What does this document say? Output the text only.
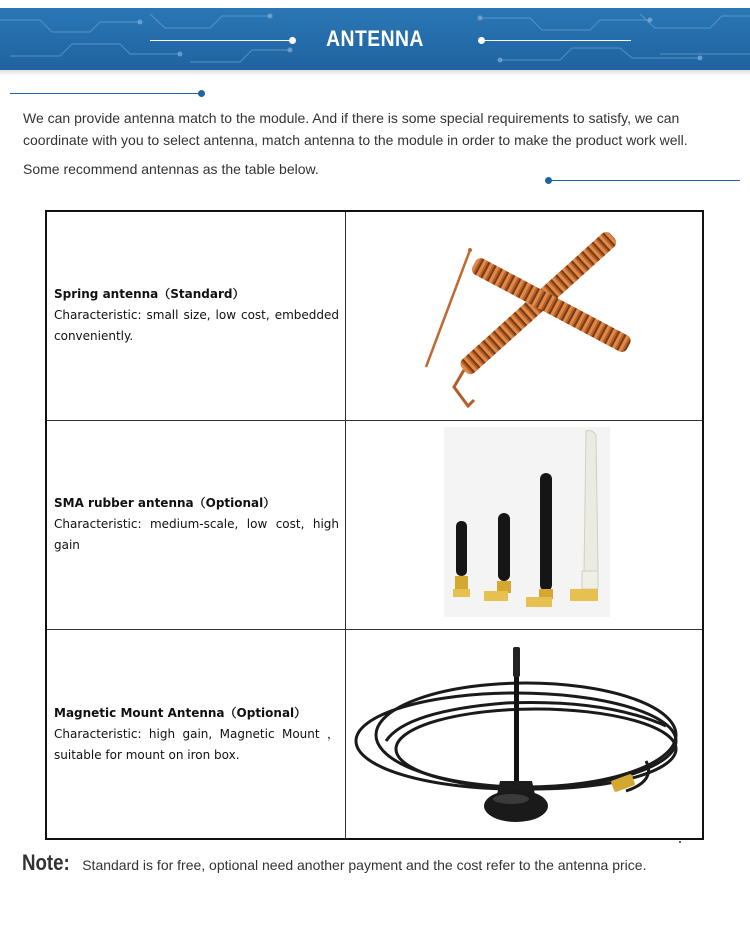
ANTENNA

We can provide antenna match to the module. And if there is some special requirements to satisfy, we can coordinate with you to select antenna, match antenna to the module in order to make the product work well.

Some recommend antennas as the table below.

Spring antenna（Standard）
Characteristic: small size, low cost, embedded conveniently.

SMA rubber antenna（Optional）
Characteristic: medium-scale, low cost, high gain

Magnetic Mount Antenna（Optional）
Characteristic: high gain, Magnetic Mount ， suitable for mount on iron box.

Note: Standard is for free, optional need another payment and the cost refer to the antenna price.
